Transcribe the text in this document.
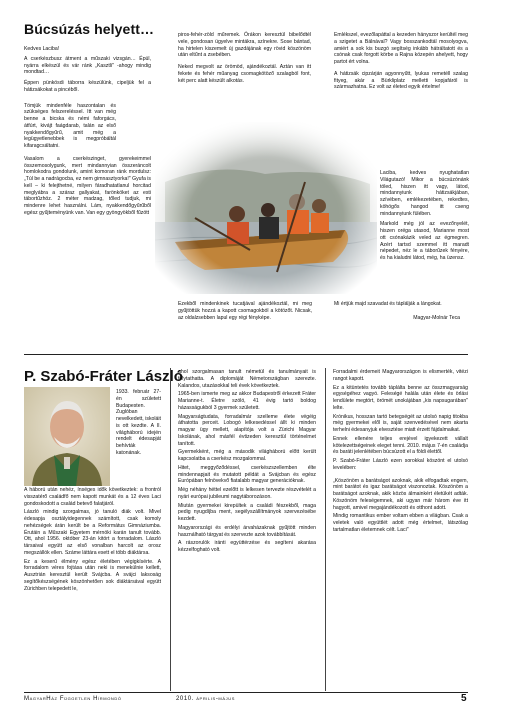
Búcsúzás helyett…
Kedves Laciba!
A cserkészbusz átment a műszaki vizsgán… Épül, nyárra elkészül és vár ránk „Kasztli" -ahogy mindig mondtad…
Éppen pünkösdi táborra készülünk, cipeljük fel a hátizsákokat a pincéből.
Tömjük mindenféle haszontalan és szükséges felszereléssel. Itt van még benne a bicska és némi faforgács, átfúrt, kivájt faágdarab, talán az első nyakkendőgyűrű, amit még a legügyetlenebbek is megpróbáltál kifaragcsáltatni.
Vasalom a cserkészinget, gyerekeimmel összemosolygunk, mert mindannyian összeráncolt homlokodra gondolunk, amint komoran ránk mordulsz: „Túl be a nadrágocba, ez nem gimnasztyorka!" Gyufa is kell – ki felejthetné, milyen fáradhatatlanul horcitad meglyábra a száraz gallyakat, farönköket az esti tábortűzhöz. 2 méter madzag, tőled tudjuk, mi mindenre lehet használni. Lám, nyakkendőgyűrűből egész gyűjteményünk van. Van egy gyöngyökből fűzött
piros-fehér-zöld műremek. Órákon keresztül bibelődtél vele, gondosan ügyelve mintákra, színekre. Sose bántad, ha hirtelen kiszemelt új gazdájának egy rövid köszönöm után eltűnt a zsebében.
Neked megvolt az örömöd, ajándékoztál. Aztán van itt fekete és fehér műanyag csomagkötöző szalagból font, két perc alatt készült alkotás.
Emlékszel, evezőlapáttal a kezeden hányszor kerültél meg a szigetet a Bálnával? Vagy bosszankodtál mosolyogva, amiért a sok kis buzgó segítség inkább hátráltatott és a csónak csak forgott körbe a Rajna közepén ahelyett, hogy partot ért volna.
A hátizsák cipzárján agyonnyűtt, lyukas remetéll szalag fityeg, akár a Bürkliplatz melletti kopjafáról is származhatna. Ez volt az életed egyik értelme!
Laciba, kedves nyughatatlan Világutazó! Mikor a búcsúzónánk töled, hiszen itt vagy, látod, mindannyiunk hátizsákjában, szívében, emlékezetében, rekedtes, köhögős hangod itt cseng mindannyiunk fülében.
Markold még jól az evezőnyelét, hiszen oréga utasod, Marianne most ott csónakázik veled az égmegren. Azért tartsd szemmel itt maradt népedet, néz le a táborűzek fényére, és ha kialudni látod, még, ha üzensz.
Mi értjük majd szavadat és táplálják a lángokat.
Magyar-Molnár Teca
Ezekből mindenkinek tucatjával ajándékoztál, mi meg gyűjtöttük hozzá a kapott csomagokból a kötözőt. Nicsak, az oldalzsebben lapul egy régi fényképe.
P. Szabó-Fráter László
1933. február 27-én született Budapesten. Zuglóban nevelkedett, iskoláit is ott kezdte. A II. világháború idején rendelt édesapját behívták katonának.
A háború után nehéz, ínséges idők következtek: a frontról visszatérő családfő nem kapott munkát és a 12 éves Laci gondoskodott a család betevő falatjáról.
László mindig szorgalmas, jó tanuló diák volt. Mivel édesapja osztályidegennek számított, csak komoly nehézségek árán került be a Református Gimnáziumba. Érutáin a Műszaki Egyetem mérnöki karán tanult tovább. Ott, ahol 1956. október 23-án kitört a forradalom. László társaival együtt az első vonalban harcolt az orosz megszállók ellen. Száme láttára esett el több diáktársa.
Ez a keserű élmény egész életében végigkísérte. A forradalom véres fojtása után neki is menekülnie kellett, Ausztrián keresztül került Svájcba. A svájci laksoság segítőkészségének köszönhetően sok diáktársával együtt Zürichben telepedett le,
ahol szorgalmasan tanult németül és tanulmányait is folytathatta. A diplomáját Németországban szerezte. Kalandos, utazásokkal teli évek következtek.
1965-ben ismerte meg az akkor Budapestről érkezett Fráter Marianne-t. Életre szóló, 41 évig tartó boldog házasságukból 3 gyermek született.
Magyarságtudata, forradalmár szelleme élete végéig áthatotta perceit. Lobogó lelkesedéssel állt ki minden magyar ügy mellett, alapítója volt a Zürichi Magyar Iskolának, ahol másfél évtizeden keresztül történelmet tanított.
Gyermekként, még a második világháború előtt került kapcsolatba a cserkész mozgalommal.
Hitet, meggyőződéssel, cserkészszellemben élte mindennapjait és mutatott példát a Svájcban és egész Európában felnövekvő fiatalabb magyar generációknak.
Még néhány héttel ezelőtt is lelkesen tervezte részvételét a nyári európai jubileumi nagytáborozáson.
Miután gyermekei kirepültek a családi fészekből, maga pedig nyugdíjba ment, segélyszállítmányok szervezésébe kezdett.
Magyarországi és erdélyi árvaházaknak gyűjtött minden használható tárgyat és szervezte azok továbbítását.
A rászorulók iránti együttérzése és segíteni akarása kézzelfogható volt.
Forradalmi érdemeit Magyarországon is elismerték, vitézi rangot kapott.
Ez a kitüntetés tovább táplálta benne az összmagyarság egységéhez vagyó. Feleségé halála után élete és örlási lendülete megtört, örömét unokájában „kis napsugarában" lelte.
Krónikus, hosszan tartó betegségét az utolsó napig titokba még gyermekei elől is, saját szenvedésével nem akarta terhelni édesanyjuk elvesztése miatt érzett fájdalmaikat.
Ennek ellenére teljes erejével igyekezett vállalt kötelezettségeinek eleget tenni. 2010. május 7-én családja és baráti jelenlétében búcsúzott el a földi élettől.
P. Szabó-Fráter László ezen sorokkal köszönt el utolsó levelében:
„Köszönöm a barátságot azoknak, akik elfogadtak engem, mint barátot és igaz barátságot viszonoztak. Köszönöm a barátságot azoknak, akik közös álmainkért életükét adták. Köszönöm feleségemnek, aki ugyan már három éve itt hagyott, amivel megajándékozott és otthont adott.
Mindig romantikus ember voltam ebben a világban. Csak a veletek való együttlét adott még értelmet, látszólag tartalmatlan életemnek célt. Laci"
MagyarHáz Független Hírmondó	2010. április-május	5
